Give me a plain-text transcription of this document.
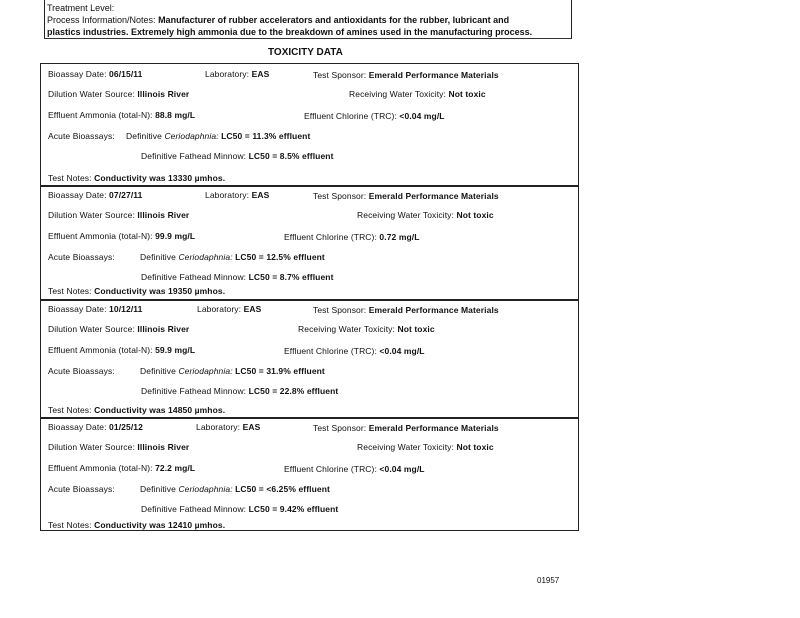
Treatment Level:
Process Information/Notes: Manufacturer of rubber accelerators and antioxidants for the rubber, lubricant and
plastics industries. Extremely high ammonia due to the breakdown of amines used in the manufacturing process.
TOXICITY DATA
Bioassay Date: 06/15/11	Laboratory: EAS	Test Sponsor: Emerald Performance Materials
Dilution Water Source: Illinois River	Receiving Water Toxicity: Not toxic
Effluent Ammonia (total-N): 88.8 mg/L	Effluent Chlorine (TRC): <0.04 mg/L
Acute Bioassays: Definitive Ceriodaphnia: LC50 = 11.3% effluent
Definitive Fathead Minnow: LC50 = 8.5% effluent
Test Notes: Conductivity was 13330 µmhos.
Bioassay Date: 07/27/11	Laboratory: EAS	Test Sponsor: Emerald Performance Materials
Dilution Water Source: Illinois River	Receiving Water Toxicity: Not toxic
Effluent Ammonia (total-N): 99.9 mg/L	Effluent Chlorine (TRC): 0.72 mg/L
Acute Bioassays:	Definitive Ceriodaphnia: LC50 = 12.5% effluent
Definitive Fathead Minnow: LC50 = 8.7% effluent
Test Notes: Conductivity was 19350 µmhos.
Bioassay Date: 10/12/11	Laboratory: EAS	Test Sponsor: Emerald Performance Materials
Dilution Water Source: Illinois River	Receiving Water Toxicity: Not toxic
Effluent Ammonia (total-N): 59.9 mg/L	Effluent Chlorine (TRC): <0.04 mg/L
Acute Bioassays:	Definitive Ceriodaphnia: LC50 = 31.9% effluent
Definitive Fathead Minnow: LC50 = 22.8% effluent
Test Notes: Conductivity was 14850 µmhos.
Bioassay Date: 01/25/12	Laboratory: EAS	Test Sponsor: Emerald Performance Materials
Dilution Water Source: Illinois River	Receiving Water Toxicity: Not toxic
Effluent Ammonia (total-N): 72.2 mg/L	Effluent Chlorine (TRC): <0.04 mg/L
Acute Bioassays:	Definitive Ceriodaphnia: LC50 = <6.25% effluent
Definitive Fathead Minnow: LC50 = 9.42% effluent
Test Notes: Conductivity was 12410 µmhos.
01957
